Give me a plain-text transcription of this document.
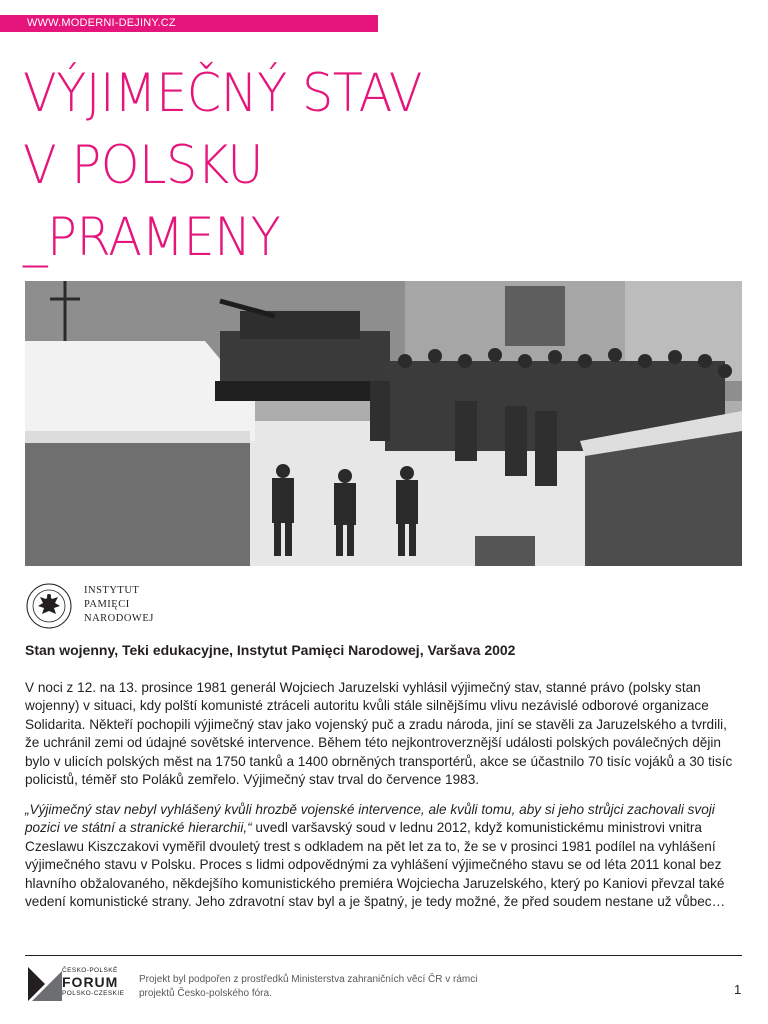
WWW.MODERNI-DEJINY.CZ
VÝJIMEČNÝ STAV
V POLSKU
_PRAMENY
INSTYTUT
PAMIĘCI
NARODOWEJ
Stan wojenny, Teki edukacyjne, Instytut Pamięci Narodowej, Varšava 2002
V noci z 12. na 13. prosince 1981 generál Wojciech Jaruzelski vyhlásil výjimečný stav, stanné právo (polsky stan
wojenny) v situaci, kdy polští komunisté ztráceli autoritu kvůli stále silnějšímu vlivu nezávislé odborové organizace
Solidarita. Někteří pochopili výjimečný stav jako vojenský puč a zradu národa, jiní se stavěli za Jaruzelského a tvrdili,
že uchránil zemi od údajné sovětské intervence. Během této nejkontroverznější události polských poválečných dějin
bylo v ulicích polských měst na 1750 tanků a 1400 obrněných transportérů, akce se účastnilo 70 tisíc vojáků a 30 tisíc
policistů, téměř sto Poláků zemřelo. Výjimečný stav trval do července 1983.
„Výjimečný stav nebyl vyhlášený kvůli hrozbě vojenské intervence, ale kvůli tomu, aby si jeho strůjci zachovali svoji
pozici ve státní a stranické hierarchii,“ uvedl varšavský soud v lednu 2012, když komunistickému ministrovi vnitra
Czeslawu Kiszczakovi vyměřil dvouletý trest s odkladem na pět let za to, že se v prosinci 1981 podílel na vyhlášení
výjimečného stavu v Polsku. Proces s lidmi odpovědnými za vyhlášení výjimečného stavu se od léta 2011 konal bez
hlavního obžalovaného, někdejšího komunistického premiéra Wojciecha Jaruzelského, který po Kaniovi převzal také
vedení komunistické strany. Jeho zdravotní stav byl a je špatný, je tedy možné, že před soudem nestane už vůbec…
ČESKO-POLSKÉ
FORUM
POLSKO-CZESKIE
Projekt byl podpořen z prostředků Ministerstva zahraničních věcí ČR v rámci
projektů Česko-polského fóra.	1
